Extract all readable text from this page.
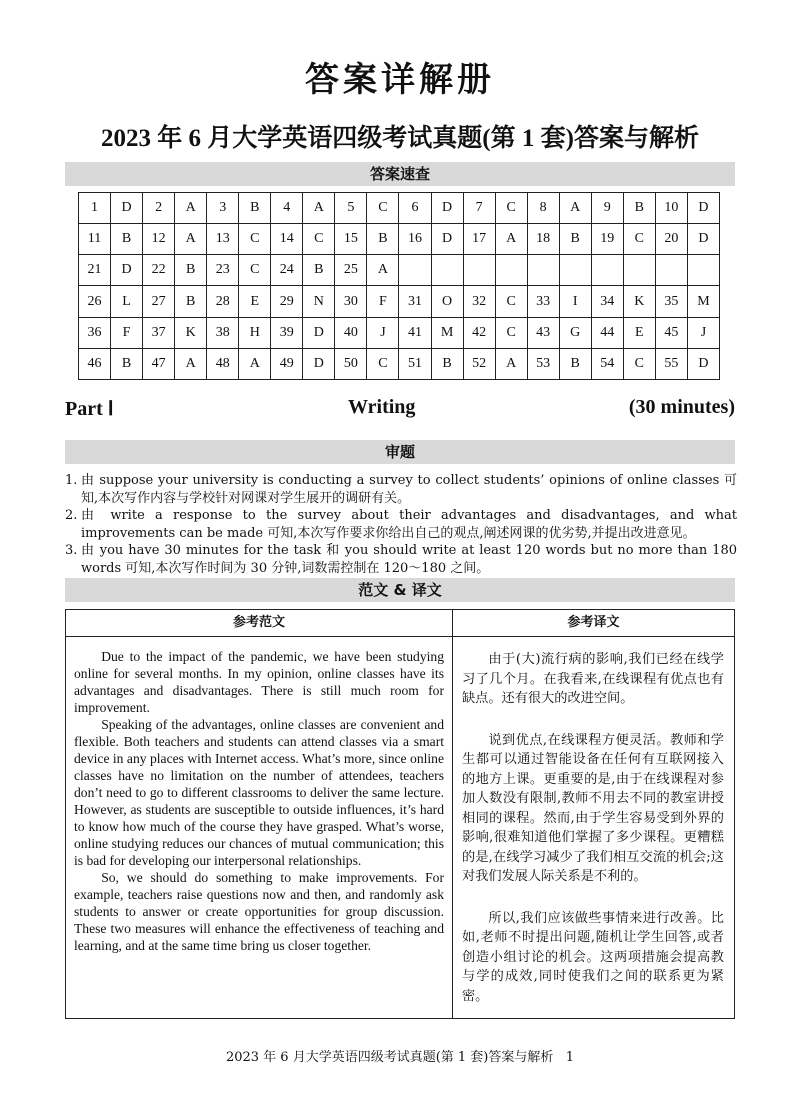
答案详解册
2023 年 6 月大学英语四级考试真题(第 1 套)答案与解析
答案速查
1	D	2	A	3	B	4	A	5	C	6	D	7	C	8	A	9	B	10	D
11	B	12	A	13	C	14	C	15	B	16	D	17	A	18	B	19	C	20	D
21	D	22	B	23	C	24	B	25	A										
26	L	27	B	28	E	29	N	30	F	31	O	32	C	33	I	34	K	35	M
36	F	37	K	38	H	39	D	40	J	41	M	42	C	43	G	44	E	45	J
46	B	47	A	48	A	49	D	50	C	51	B	52	A	53	B	54	C	55	D
Part Ⅰ	Writing	(30 minutes)
审题
1. 由 suppose your university is conducting a survey to collect students’ opinions of online classes 可知,本次写作内容与学校针对网课对学生展开的调研有关。
2. 由 write a response to the survey about their advantages and disadvantages, and what improvements can be made 可知,本次写作要求你给出自己的观点,阐述网课的优劣势,并提出改进意见。
3. 由 you have 30 minutes for the task 和 you should write at least 120 words but no more than 180 words 可知,本次写作时间为 30 分钟,词数需控制在 120～180 之间。
范文 & 译文
参考范文	参考译文

Due to the impact of the pandemic, we have been studying online for several months. In my opinion, online classes have its advantages and disadvantages. There is still much room for improvement.

Speaking of the advantages, online classes are convenient and flexible. Both teachers and students can attend classes via a smart device in any places with Internet access. What’s more, since online classes have no limitation on the number of attendees, teachers don’t need to go to different classrooms to deliver the same lecture. However, as students are susceptible to outside influences, it’s hard to know how much of the course they have grasped. What’s worse, online studying reduces our chances of mutual communication; this is bad for developing our interpersonal relationships.

So, we should do something to make improvements. For example, teachers raise questions now and then, and randomly ask students to answer or create opportunities for group discussion. These two measures will enhance the effectiveness of teaching and learning, and at the same time bring us closer together.

由于(大)流行病的影响,我们已经在线学习了几个月。在我看来,在线课程有优点也有缺点。还有很大的改进空间。

说到优点,在线课程方便灵活。教师和学生都可以通过智能设备在任何有互联网接入的地方上课。更重要的是,由于在线课程对参加人数没有限制,教师不用去不同的教室讲授相同的课程。然而,由于学生容易受到外界的影响,很难知道他们掌握了多少课程。更糟糕的是,在线学习减少了我们相互交流的机会;这对我们发展人际关系是不利的。

所以,我们应该做些事情来进行改善。比如,老师不时提出问题,随机让学生回答,或者创造小组讨论的机会。这两项措施会提高教与学的成效,同时使我们之间的联系更为紧密。

2023 年 6 月大学英语四级考试真题(第 1 套)答案与解析 1
